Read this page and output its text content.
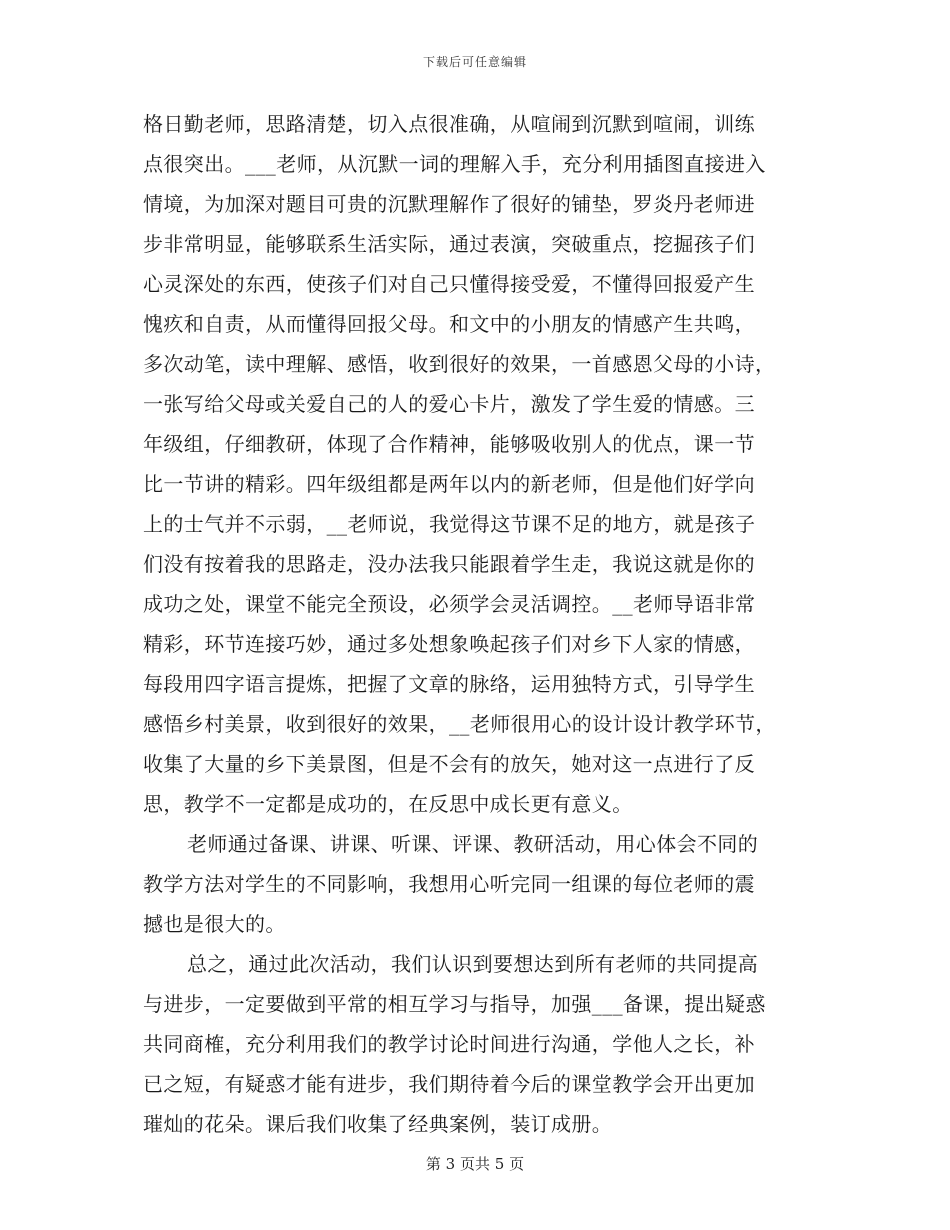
下载后可任意编辑
格日勤老师，思路清楚，切入点很准确，从喧闹到沉默到喧闹，训练
点很突出。___老师，从沉默一词的理解入手，充分利用插图直接进入
情境，为加深对题目可贵的沉默理解作了很好的铺垫，罗炎丹老师进
步非常明显，能够联系生活实际，通过表演，突破重点，挖掘孩子们
心灵深处的东西，使孩子们对自己只懂得接受爱，不懂得回报爱产生
愧疚和自责，从而懂得回报父母。和文中的小朋友的情感产生共鸣，
多次动笔，读中理解、感悟，收到很好的效果，一首感恩父母的小诗，
一张写给父母或关爱自己的人的爱心卡片，激发了学生爱的情感。三
年级组，仔细教研，体现了合作精神，能够吸收别人的优点，课一节
比一节讲的精彩。四年级组都是两年以内的新老师，但是他们好学向
上的士气并不示弱，__老师说，我觉得这节课不足的地方，就是孩子
们没有按着我的思路走，没办法我只能跟着学生走，我说这就是你的
成功之处，课堂不能完全预设，必须学会灵活调控。__老师导语非常
精彩，环节连接巧妙，通过多处想象唤起孩子们对乡下人家的情感，
每段用四字语言提炼，把握了文章的脉络，运用独特方式，引导学生
感悟乡村美景，收到很好的效果，__老师很用心的设计设计教学环节，
收集了大量的乡下美景图，但是不会有的放矢，她对这一点进行了反
思，教学不一定都是成功的，在反思中成长更有意义。
老师通过备课、讲课、听课、评课、教研活动，用心体会不同的
教学方法对学生的不同影响，我想用心听完同一组课的每位老师的震
撼也是很大的。
总之，通过此次活动，我们认识到要想达到所有老师的共同提高
与进步，一定要做到平常的相互学习与指导，加强___备课，提出疑惑
共同商榷，充分利用我们的教学讨论时间进行沟通，学他人之长，补
已之短，有疑惑才能有进步，我们期待着今后的课堂教学会开出更加
璀灿的花朵。课后我们收集了经典案例，装订成册。
第 3 页共 5 页
